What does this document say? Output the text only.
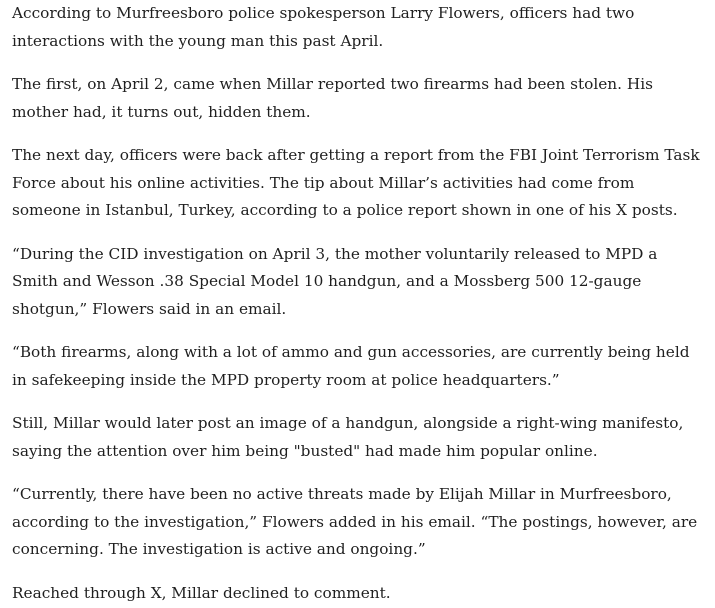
According to Murfreesboro police spokesperson Larry Flowers, officers had two interactions with the young man this past April.

The first, on April 2, came when Millar reported two firearms had been stolen. His mother had, it turns out, hidden them.

The next day, officers were back after getting a report from the FBI Joint Terrorism Task Force about his online activities. The tip about Millar’s activities had come from someone in Istanbul, Turkey, according to a police report shown in one of his X posts.

“During the CID investigation on April 3, the mother voluntarily released to MPD a Smith and Wesson .38 Special Model 10 handgun, and a Mossberg 500 12-gauge shotgun,” Flowers said in an email.

“Both firearms, along with a lot of ammo and gun accessories, are currently being held in safekeeping inside the MPD property room at police headquarters.”

Still, Millar would later post an image of a handgun, alongside a right-wing manifesto, saying the attention over him being "busted" had made him popular online.

“Currently, there have been no active threats made by Elijah Millar in Murfreesboro, according to the investigation,” Flowers added in his email. “The postings, however, are concerning. The investigation is active and ongoing.”

Reached through X, Millar declined to comment.
